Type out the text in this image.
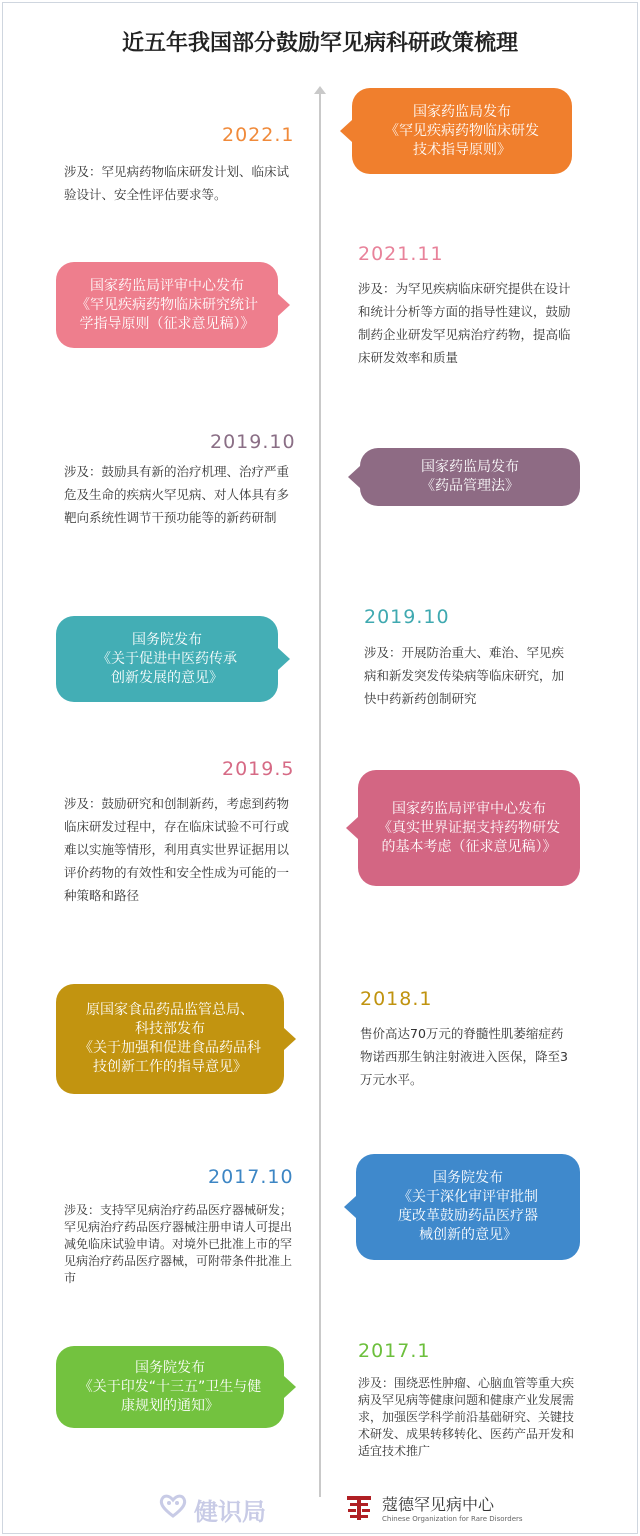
近五年我国部分鼓励罕见病科研政策梳理
国家药监局发布
《罕见疾病药物临床研发
技术指导原则》
2022.1
涉及：罕见病药物临床研发计划、临床试验设计、安全性评估要求等。
国家药监局评审中心发布
《罕见疾病药物临床研究统计
学指导原则（征求意见稿）》
2021.11
涉及：为罕见疾病临床研究提供在设计和统计分析等方面的指导性建议，鼓励制药企业研发罕见病治疗药物，提高临床研发效率和质量
国家药监局发布
《药品管理法》
2019.10
涉及：鼓励具有新的治疗机理、治疗严重危及生命的疾病火罕见病、对人体具有多靶向系统性调节干预功能等的新药研制
国务院发布
《关于促进中医药传承
创新发展的意见》
2019.10
涉及：开展防治重大、难治、罕见疾病和新发突发传染病等临床研究，加快中药新药创制研究
国家药监局评审中心发布
《真实世界证据支持药物研发
的基本考虑（征求意见稿）》
2019.5
涉及：鼓励研究和创制新药，考虑到药物临床研发过程中，存在临床试验不可行或难以实施等情形，利用真实世界证据用以评价药物的有效性和安全性成为可能的一种策略和路径
原国家食品药品监管总局、
科技部发布
《关于加强和促进食品药品科
技创新工作的指导意见》
2018.1
售价高达70万元的脊髓性肌萎缩症药物诺西那生钠注射液进入医保，降至3万元水平。
国务院发布
《关于深化审评审批制
度改革鼓励药品医疗器
械创新的意见》
2017.10
涉及：支持罕见病治疗药品医疗器械研发；罕见病治疗药品医疗器械注册申请人可提出减免临床试验申请。对境外已批准上市的罕见病治疗药品医疗器械，可附带条件批准上市
国务院发布
《关于印发“十三五”卫生与健
康规划的通知》
2017.1
涉及：围绕恶性肿瘤、心脑血管等重大疾病及罕见病等健康问题和健康产业发展需求，加强医学科学前沿基础研究、关键技术研发、成果转移转化、医药产品开发和适宜技术推广
健识局	蔻德罕见病中心
Chinese Organization for Rare Disorders
